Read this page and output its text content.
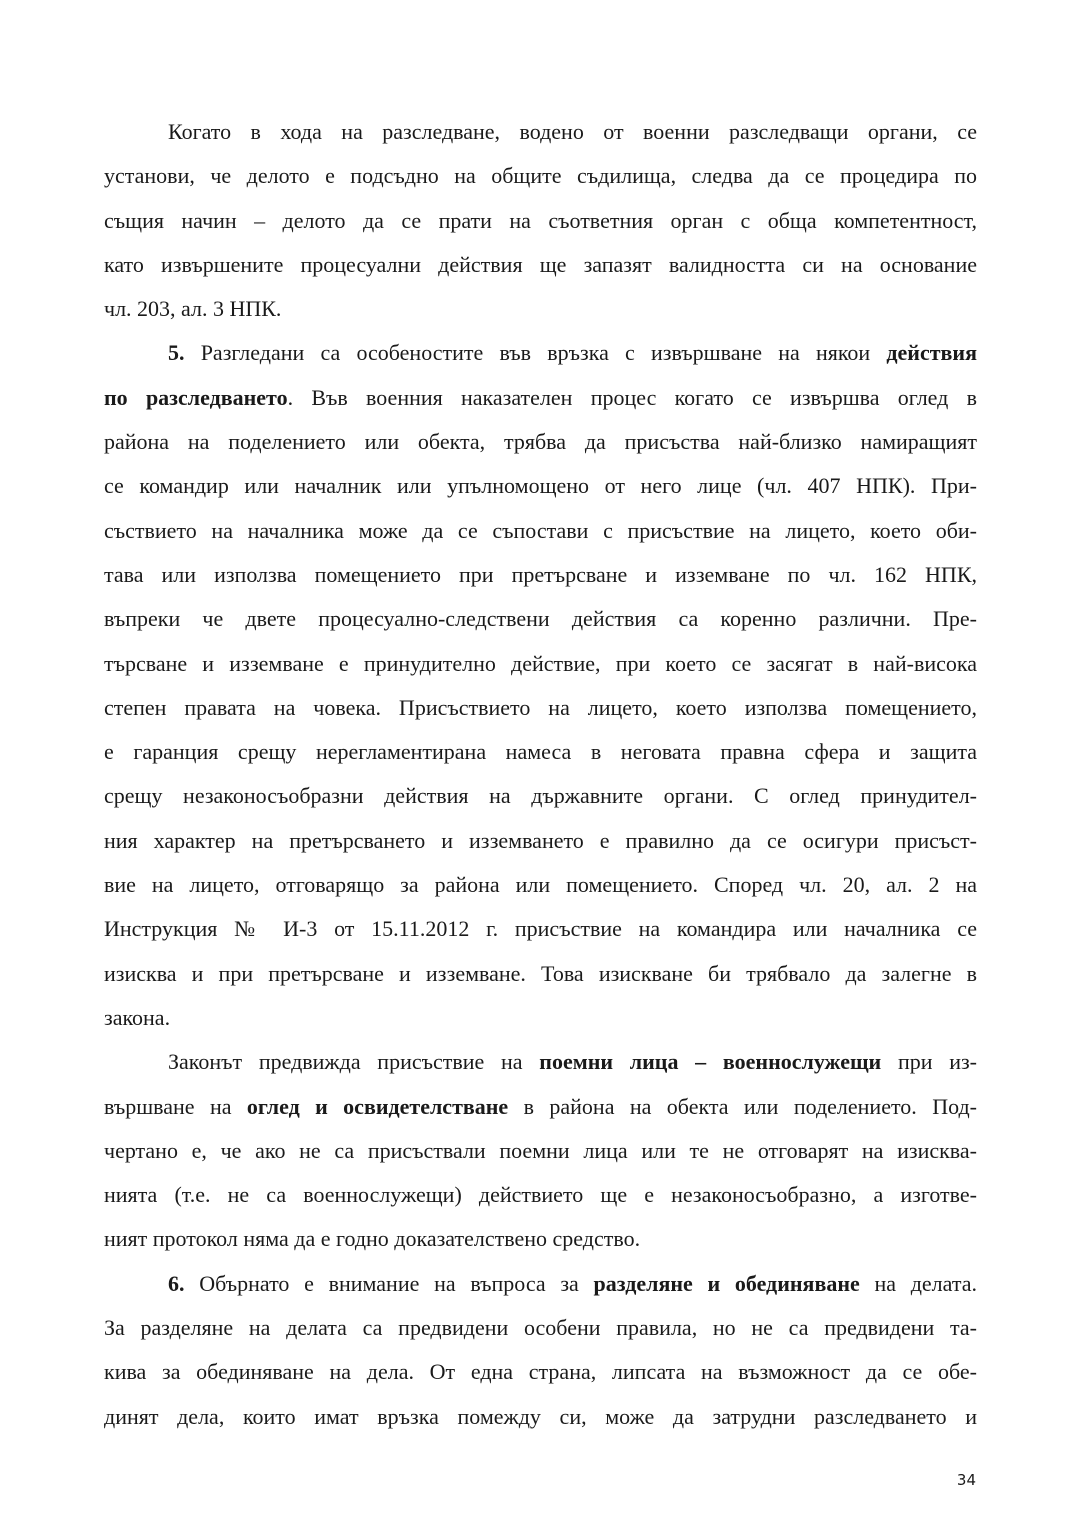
Когато в хода на разследване, водено от военни разследващи органи, се
установи, че делото е подсъдно на общите съдилища, следва да се процедира по
същия начин – делото да се прати на съответния орган с обща компетентност,
като извършените процесуални действия ще запазят валидността си на основание
чл. 203, ал. 3 НПК.
5. Разгледани са особеностите във връзка с извършване на някои действия
по разследването. Във военния наказателен процес когато се извършва оглед в
района на поделението или обекта, трябва да присъства най-близко намиращият
се командир или началник или упълномощено от него лице (чл. 407 НПК). При-
съствието на началника може да се съпостави с присъствие на лицето, което оби-
тава или използва помещението при претърсване и изземване по чл. 162 НПК,
въпреки че двете процесуално-следствени действия са коренно различни. Пре-
търсване и изземване е принудително действие, при което се засягат в най-висока
степен правата на човека. Присъствието на лицето, което използва помещението,
е гаранция срещу нерегламентирана намеса в неговата правна сфера и защита
срещу незаконосъобразни действия на държавните органи. С оглед принудител-
ния характер на претърсването и изземването е правилно да се осигури присъст-
вие на лицето, отговарящо за района или помещението. Според чл. 20, ал. 2 на
Инструкция № И-3 от 15.11.2012 г. присъствие на командира или началника се
изисква и при претърсване и изземване. Това изискване би трябвало да залегне в
закона.
Законът предвижда присъствие на поемни лица – военнослужещи при из-
вършване на оглед и освидетелстване в района на обекта или поделението. Под-
чертано е, че ако не са присъствали поемни лица или те не отговарят на изисква-
нията (т.е. не са военнослужещи) действието ще е незаконосъобразно, а изготве-
ният протокол няма да е годно доказателствено средство.
6. Обърнато е внимание на въпроса за разделяне и обединяване на делата.
За разделяне на делата са предвидени особени правила, но не са предвидени та-
кива за обединяване на дела. От една страна, липсата на възможност да се обе-
динят дела, които имат връзка помежду си, може да затрудни разследването и
34
